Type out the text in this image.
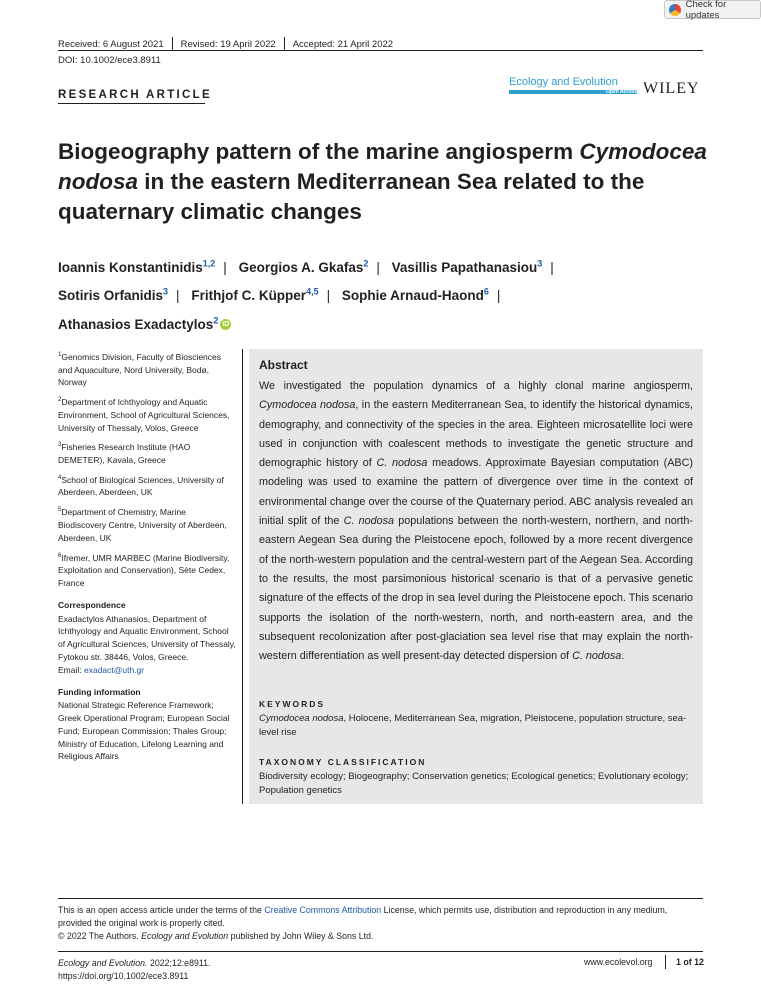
Received: 6 August 2021 Revised: 19 April 2022 Accepted: 21 April 2022
DOI: 10.1002/ece3.8911
Check for updates
RESEARCH ARTICLE
Ecology and Evolution
Open Access WILEY
Biogeography pattern of the marine angiosperm Cymodocea nodosa in the eastern Mediterranean Sea related to the quaternary climatic changes
Ioannis Konstantinidis$^{1,2}$ | Georgios A. Gkafas$^2$ | Vasillis Papathanasiou$^3$ |
Sotiris Orfanidis$^3$ | Frithjof C. Küpper$^{4,5}$ | Sophie Arnaud-Haond$^6$ |
Athanasios Exadactylos$^2$ iD

$^1$Genomics Division, Faculty of Biosciences and Aquaculture, Nord University, Bodø, Norway

$^2$Department of Ichthyology and Aquatic Environment, School of Agricultural Sciences, University of Thessaly, Volos, Greece

$^3$Fisheries Research Institute (HAO DEMETER), Kavala, Greece

$^4$School of Biological Sciences, University of Aberdeen, Aberdeen, UK

$^5$Department of Chemistry, Marine Biodiscovery Centre, University of Aberdeen, Aberdeen, UK

$^6$Ifremer, UMR MARBEC (Marine Biodiversity, Exploitation and Conservation), Sète Cedex, France

Correspondence

Exadactylos Athanasios, Department of Ichthyology and Aquatic Environment, School of Agricultural Sciences, University of Thessaly, Fytokou str. 38446, Volos, Greece.
Email: exadact@uth.gr

Funding information

National Strategic Reference Framework; Greek Operational Program; European Social Fund; European Commission; Thales Group; Ministry of Education, Lifelong Learning and Religious Affairs

Abstract
We investigated the population dynamics of a highly clonal marine angiosperm, Cymodocea nodosa, in the eastern Mediterranean Sea, to identify the historical dynamics, demography, and connectivity of the species in the area. Eighteen microsatellite loci were used in conjunction with coalescent methods to investigate the genetic structure and demographic history of C. nodosa meadows. Approximate Bayesian computation (ABC) modeling was used to examine the pattern of divergence over time in the context of environmental change over the course of the Quaternary period. ABC analysis revealed an initial split of the C. nodosa populations between the north-western, northern, and north-eastern Aegean Sea during the Pleistocene epoch, followed by a more recent divergence of the north-western population and the central-western part of the Aegean Sea. According to the results, the most parsimonious historical scenario is that of a pervasive genetic signature of the effects of the drop in sea level during the Pleistocene epoch. This scenario supports the isolation of the north-western, north, and north-eastern area, and the subsequent recolonization after post-glaciation sea level rise that may explain the north-western differentiation as well present-day detected dispersion of C. nodosa.
KEYWORDS
Cymodocea nodosa, Holocene, Mediterranean Sea, migration, Pleistocene, population structure, sea-level rise
TAXONOMY CLASSIFICATION
Biodiversity ecology; Biogeography; Conservation genetics; Ecological genetics; Evolutionary ecology; Population genetics
This is an open access article under the terms of the Creative Commons Attribution License, which permits use, distribution and reproduction in any medium, provided the original work is properly cited.
© 2022 The Authors. Ecology and Evolution published by John Wiley & Sons Ltd.
Ecology and Evolution. 2022;12:e8911.
https://doi.org/10.1002/ece3.8911
www.ecolevol.org	1 of 12
